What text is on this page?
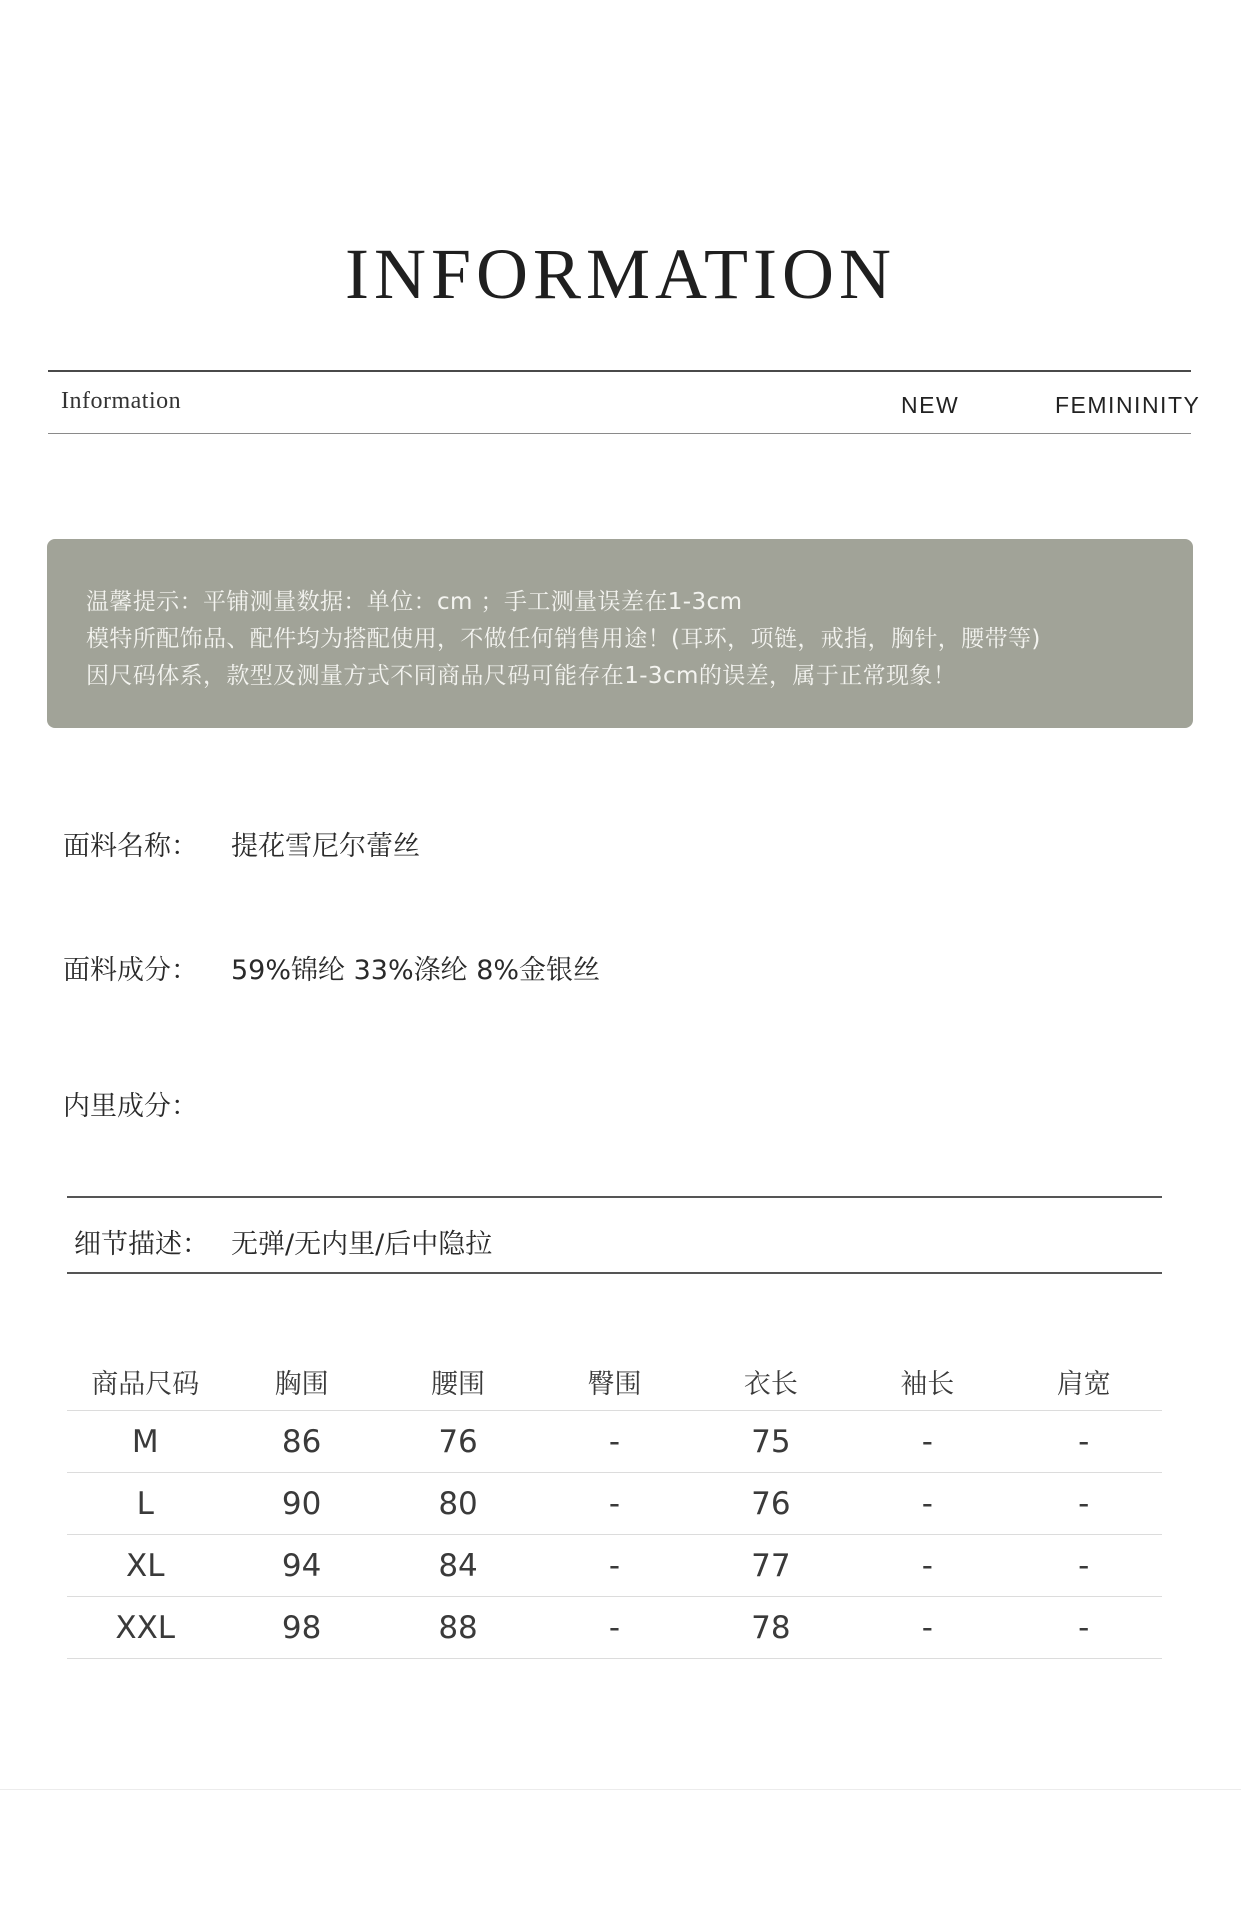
INFORMATION
Information	NEW	FEMININITY
温馨提示：平铺测量数据：单位：cm ；手工测量误差在1-3cm
模特所配饰品、配件均为搭配使用，不做任何销售用途！(耳环，项链，戒指，胸针，腰带等)
因尺码体系，款型及测量方式不同商品尺码可能存在1-3cm的误差，属于正常现象！
面料名称： 提花雪尼尔蕾丝
面料成分： 59%锦纶 33%涤纶 8%金银丝
内里成分：
细节描述： 无弹/无内里/后中隐拉
商品尺码	胸围	腰围	臀围	衣长	袖长	肩宽
M	86	76	-	75	-	-
L	90	80	-	76	-	-
XL	94	84	-	77	-	-
XXL	98	88	-	78	-	-
